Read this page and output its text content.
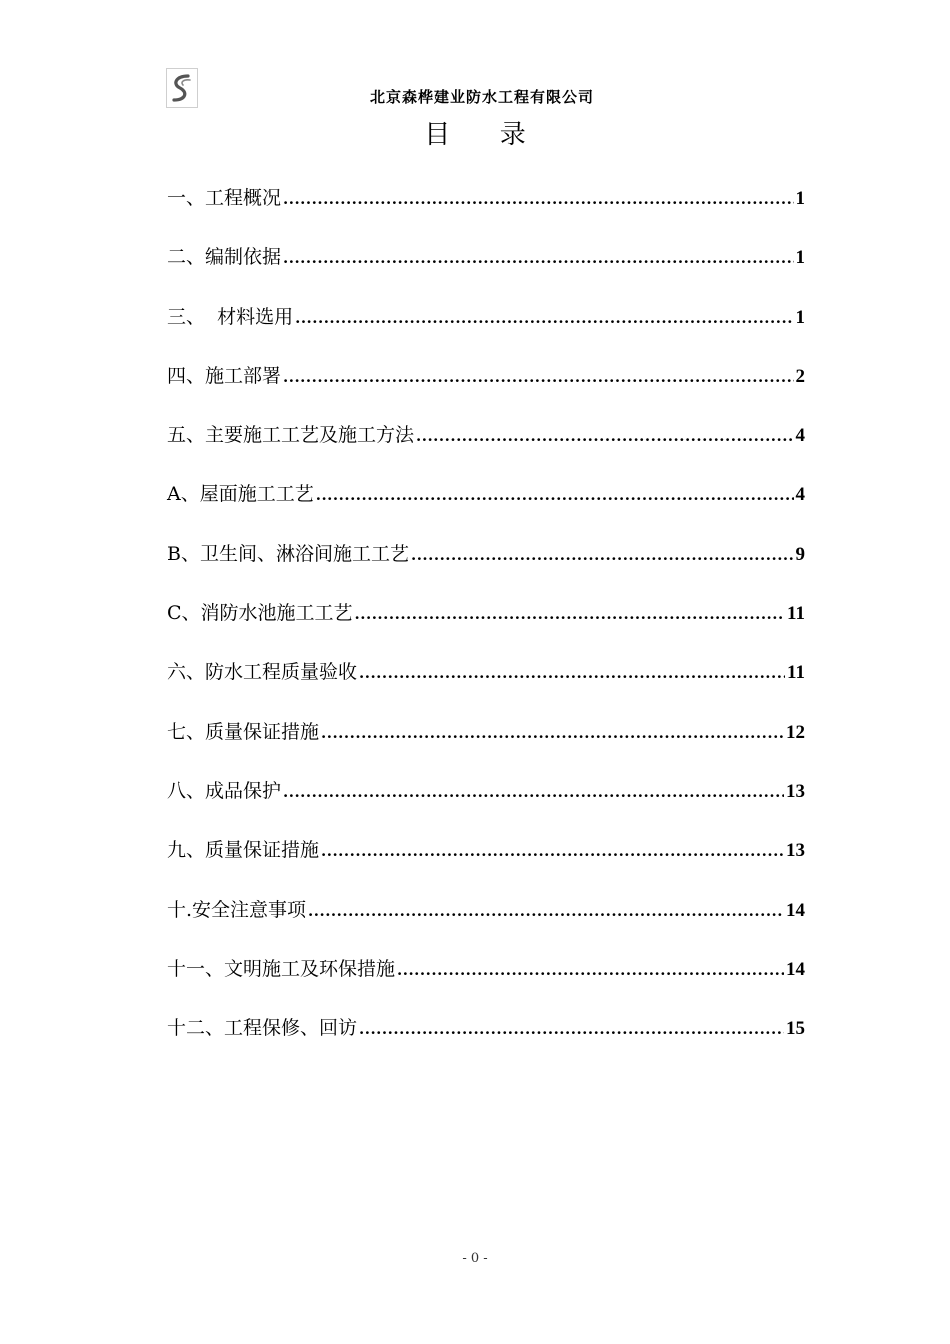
北京森桦建业防水工程有限公司
目      录
一、工程概况 .....	1
二、编制依据 .....	1
三、  材料选用 .....	1
四、施工部署 .....	2
五、主要施工工艺及施工方法 .....	4
A、屋面施工工艺 .....	4
B、卫生间、淋浴间施工工艺 .....	9
C、消防水池施工工艺 .....	11
六、防水工程质量验收 .....	11
七、质量保证措施 .....	12
八、成品保护 .....	13
九、质量保证措施 .....	13
十.安全注意事项 .....	14
十一、文明施工及环保措施 .....	14
十二、工程保修、回访 .....	15
- 0 -
